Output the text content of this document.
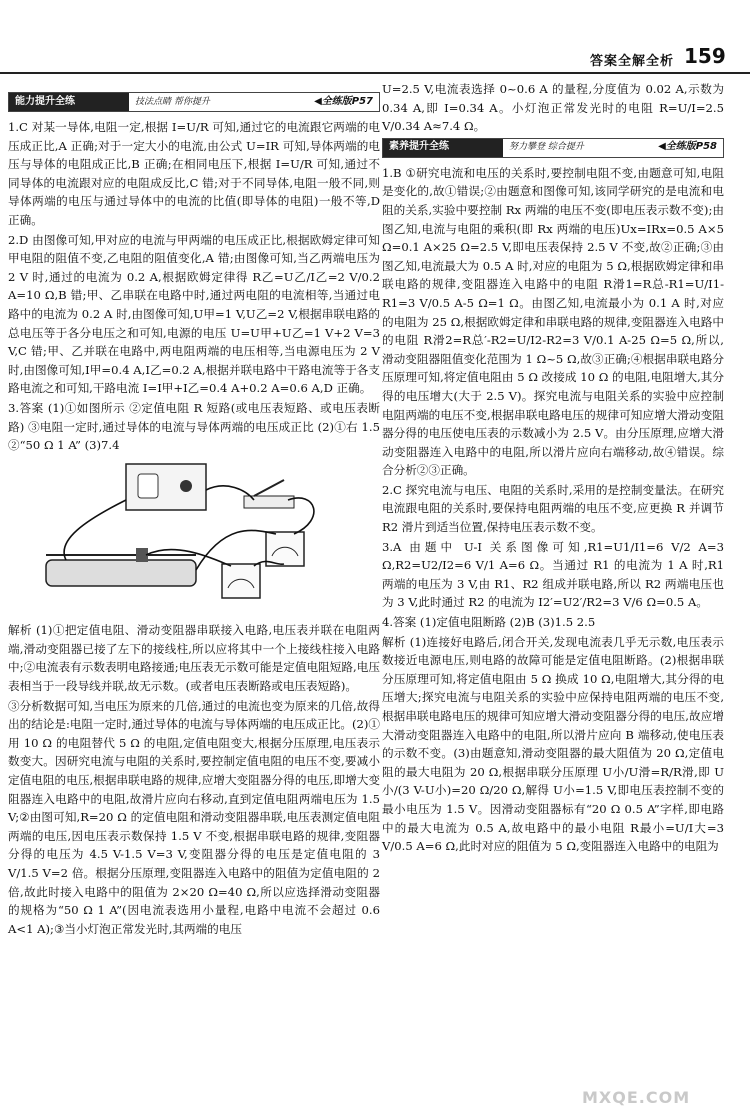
答案全解全析 159
能力提升全练	技法点睛 帮你提升	◀全练版P57

1.C 对某一导体,电阻一定,根据 I=U/R 可知,通过它的电流跟它两端的电压成正比,A 正确;对于一定大小的电流,由公式 U=IR 可知,导体两端的电压与导体的电阻成正比,B 正确;在相同电压下,根据 I=U/R 可知,通过不同导体的电流跟对应的电阻成反比,C 错;对于不同导体,电阻一般不同,则导体两端的电压与通过导体中的电流的比值(即导体的电阻)一般不等,D 正确。

2.D 由图像可知,甲对应的电流与甲两端的电压成正比,根据欧姆定律可知甲电阻的阻值不变,乙电阻的阻值变化,A 错;由图像可知,当乙两端电压为 2 V 时,通过的电流为 0.2 A,根据欧姆定律得 R乙=U乙/I乙=2 V/0.2 A=10 Ω,B 错;甲、乙串联在电路中时,通过两电阻的电流相等,当通过电路中的电流为 0.2 A 时,由图像可知,U甲=1 V,U乙=2 V,根据串联电路的总电压等于各分电压之和可知,电源的电压 U=U甲+U乙=1 V+2 V=3 V,C 错;甲、乙并联在电路中,两电阻两端的电压相等,当电源电压为 2 V 时,由图像可知,I甲=0.4 A,I乙=0.2 A,根据并联电路中干路电流等于各支路电流之和可知,干路电流 I=I甲+I乙=0.4 A+0.2 A=0.6 A,D 正确。

3.答案 (1)①如图所示 ②定值电阻 R 短路(或电压表短路、或电压表断路) ③电阻一定时,通过导体的电流与导体两端的电压成正比 (2)①右 1.5 ②“50 Ω 1 A” (3)7.4

解析 (1)①把定值电阻、滑动变阻器串联接入电路,电压表并联在电阻两端,滑动变阻器已接了左下的接线柱,所以应将其中一个上接线柱接入电路中;②电流表有示数表明电路接通;电压表无示数可能是定值电阻短路,电压表相当于一段导线并联,故无示数。(或者电压表断路或电压表短路)。

③分析数据可知,当电压为原来的几倍,通过的电流也变为原来的几倍,故得出的结论是:电阻一定时,通过导体的电流与导体两端的电压成正比。(2)①用 10 Ω 的电阻替代 5 Ω 的电阻,定值电阻变大,根据分压原理,电压表示数变大。因研究电流与电阻的关系时,要控制定值电阻的电压不变,要减小定值电阻的电压,根据串联电路的规律,应增大变阻器分得的电压,即增大变阻器连入电路中的电阻,故滑片应向右移动,直到定值电阻两端电压为 1.5 V;②由图可知,R=20 Ω 的定值电阻和滑动变阻器串联,电压表测定值电阻两端的电压,因电压表示数保持 1.5 V 不变,根据串联电路的规律,变阻器分得的电压为 4.5 V-1.5 V=3 V,变阻器分得的电压是定值电阻的 3 V/1.5 V=2 倍。根据分压原理,变阻器连入电路中的阻值为定值电阻的 2 倍,故此时接入电路中的阻值为 2×20 Ω=40 Ω,所以应选择滑动变阻器的规格为“50 Ω 1 A”(因电流表选用小量程,电路中电流不会超过 0.6 A<1 A);③当小灯泡正常发光时,其两端的电压

U=2.5 V,电流表选择 0~0.6 A 的量程,分度值为 0.02 A,示数为 0.34 A,即 I=0.34 A。小灯泡正常发光时的电阻 R=U/I=2.5 V/0.34 A≈7.4 Ω。

素养提升全练	努力攀登 综合提升	◀全练版P58

1.B ①研究电流和电压的关系时,要控制电阻不变,由题意可知,电阻是变化的,故①错误;②由题意和图像可知,该同学研究的是电流和电阻的关系,实验中要控制 Rx 两端的电压不变(即电压表示数不变);由图乙知,电流与电阻的乘积(即 Rx 两端的电压)Ux=IRx=0.5 A×5 Ω=0.1 A×25 Ω=2.5 V,即电压表保持 2.5 V 不变,故②正确;③由图乙知,电流最大为 0.5 A 时,对应的电阻为 5 Ω,根据欧姆定律和串联电路的规律,变阻器连入电路中的电阻 R滑1=R总-R1=U/I1-R1=3 V/0.5 A-5 Ω=1 Ω。由图乙知,电流最小为 0.1 A 时,对应的电阻为 25 Ω,根据欧姆定律和串联电路的规律,变阻器连入电路中的电阻 R滑2=R总′-R2=U/I2-R2=3 V/0.1 A-25 Ω=5 Ω,所以,滑动变阻器阻值变化范围为 1 Ω~5 Ω,故③正确;④根据串联电路分压原理可知,将定值电阻由 5 Ω 改接成 10 Ω 的电阻,电阻增大,其分得的电压增大(大于 2.5 V)。探究电流与电阻关系的实验中应控制电阻两端的电压不变,根据串联电路电压的规律可知应增大滑动变阻器分得的电压使电压表的示数减小为 2.5 V。由分压原理,应增大滑动变阻器连入电路中的电阻,所以滑片应向右端移动,故④错误。综合分析②③正确。

2.C 探究电流与电压、电阻的关系时,采用的是控制变量法。在研究电流跟电阻的关系时,要保持电阻两端的电压不变,应更换 R 并调节 R2 滑片到适当位置,保持电压表示数不变。

3.A 由题中 U-I 关系图像可知,R1=U1/I1=6 V/2 A=3 Ω,R2=U2/I2=6 V/1 A=6 Ω。当通过 R1 的电流为 1 A 时,R1 两端的电压为 3 V,由 R1、R2 组成并联电路,所以 R2 两端电压也为 3 V,此时通过 R2 的电流为 I2′=U2′/R2=3 V/6 Ω=0.5 A。

4.答案 (1)定值电阻断路 (2)B (3)1.5 2.5

解析 (1)连接好电路后,闭合开关,发现电流表几乎无示数,电压表示数接近电源电压,则电路的故障可能是定值电阻断路。(2)根据串联分压原理可知,将定值电阻由 5 Ω 换成 10 Ω,电阻增大,其分得的电压增大;探究电流与电阻关系的实验中应保持电阻两端的电压不变,根据串联电路电压的规律可知应增大滑动变阻器分得的电压,故应增大滑动变阻器连入电路中的电阻,所以滑片应向 B 端移动,使电压表的示数不变。(3)由题意知,滑动变阻器的最大阻值为 20 Ω,定值电阻的最大电阻为 20 Ω,根据串联分压原理 U小/U滑=R/R滑,即 U小/(3 V-U小)=20 Ω/20 Ω,解得 U小=1.5 V,即电压表控制不变的最小电压为 1.5 V。因滑动变阻器标有“20 Ω 0.5 A”字样,即电路中的最大电流为 0.5 A,故电路中的最小电阻 R最小=U/I大=3 V/0.5 A=6 Ω,此时对应的阻值为 5 Ω,变阻器连入电路中的电阻为

MXQE.COM
